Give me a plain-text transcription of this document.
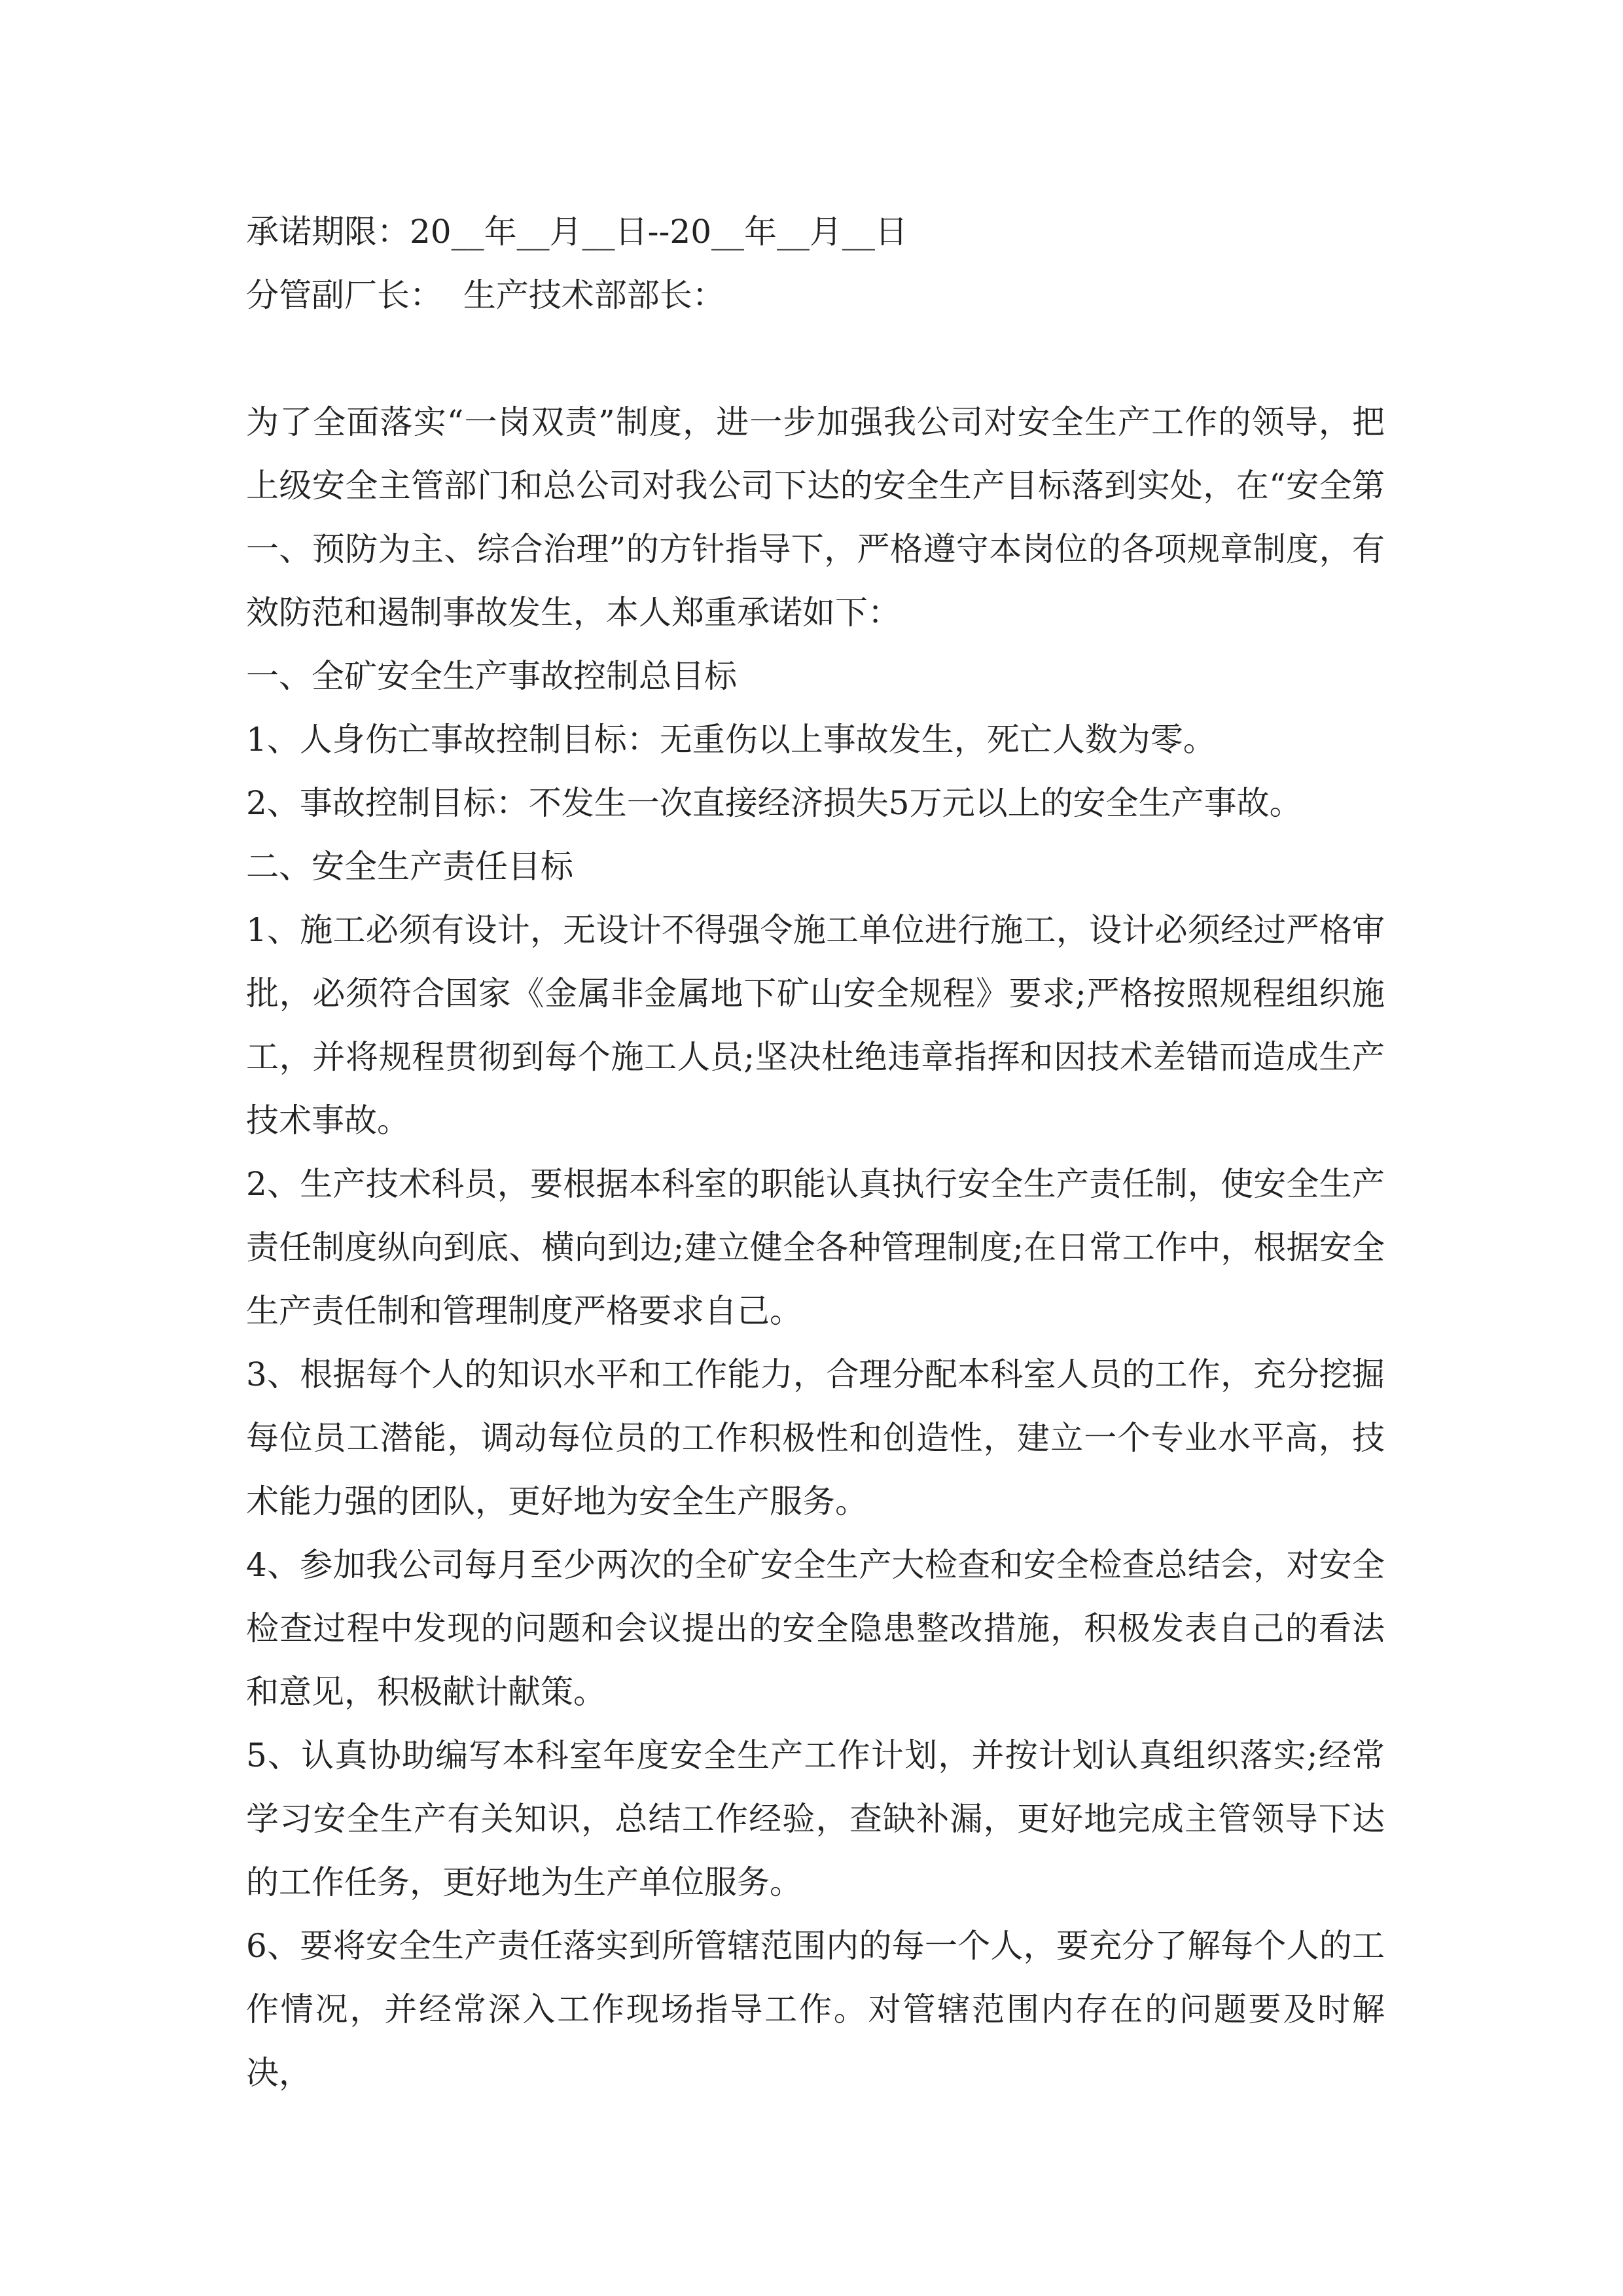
承诺期限：20__年__月__日--20__年__月__日

分管副厂长：  生产技术部部长：

为了全面落实“一岗双责”制度，进一步加强我公司对安全生产工作的领导，把上级安全主管部门和总公司对我公司下达的安全生产目标落到实处，在“安全第一、预防为主、综合治理”的方针指导下，严格遵守本岗位的各项规章制度，有效防范和遏制事故发生，本人郑重承诺如下：

一、全矿安全生产事故控制总目标

1、人身伤亡事故控制目标：无重伤以上事故发生，死亡人数为零。

2、事故控制目标：不发生一次直接经济损失5万元以上的安全生产事故。

二、安全生产责任目标

1、施工必须有设计，无设计不得强令施工单位进行施工，设计必须经过严格审批，必须符合国家《金属非金属地下矿山安全规程》要求;严格按照规程组织施工，并将规程贯彻到每个施工人员;坚决杜绝违章指挥和因技术差错而造成生产技术事故。

2、生产技术科员，要根据本科室的职能认真执行安全生产责任制，使安全生产责任制度纵向到底、横向到边;建立健全各种管理制度;在日常工作中，根据安全生产责任制和管理制度严格要求自己。

3、根据每个人的知识水平和工作能力，合理分配本科室人员的工作，充分挖掘每位员工潜能，调动每位员的工作积极性和创造性，建立一个专业水平高，技术能力强的团队，更好地为安全生产服务。

4、参加我公司每月至少两次的全矿安全生产大检查和安全检查总结会，对安全检查过程中发现的问题和会议提出的安全隐患整改措施，积极发表自己的看法和意见，积极献计献策。

5、认真协助编写本科室年度安全生产工作计划，并按计划认真组织落实;经常学习安全生产有关知识，总结工作经验，查缺补漏，更好地完成主管领导下达的工作任务，更好地为生产单位服务。

6、要将安全生产责任落实到所管辖范围内的每一个人，要充分了解每个人的工作情况，并经常深入工作现场指导工作。对管辖范围内存在的问题要及时解决，
